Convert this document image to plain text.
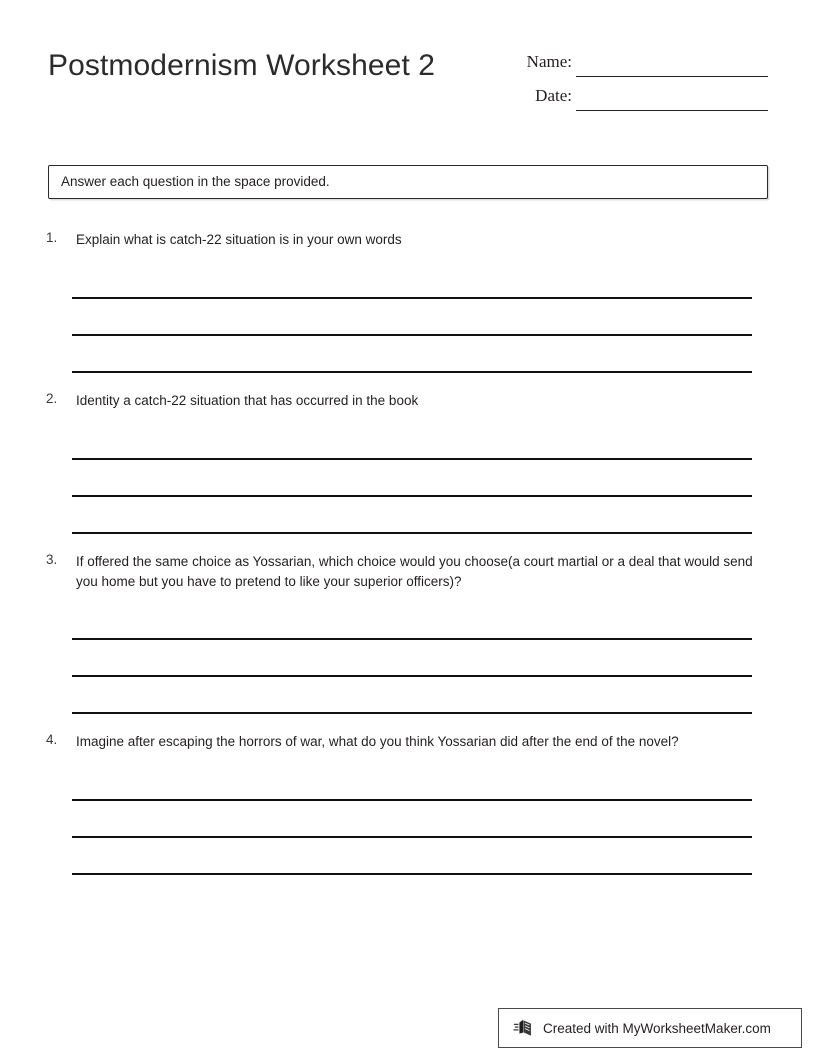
Postmodernism Worksheet 2	Name:
Date:
Answer each question in the space provided.
1.	Explain what is catch-22 situation is in your own words
2.	Identity a catch-22 situation that has occurred in the book
3.	If offered the same choice as Yossarian, which choice would you choose(a court martial or a deal that would send you home but you have to pretend to like your superior officers)?
4.	Imagine after escaping the horrors of war, what do you think Yossarian did after the end of the novel?
Created with MyWorksheetMaker.com
